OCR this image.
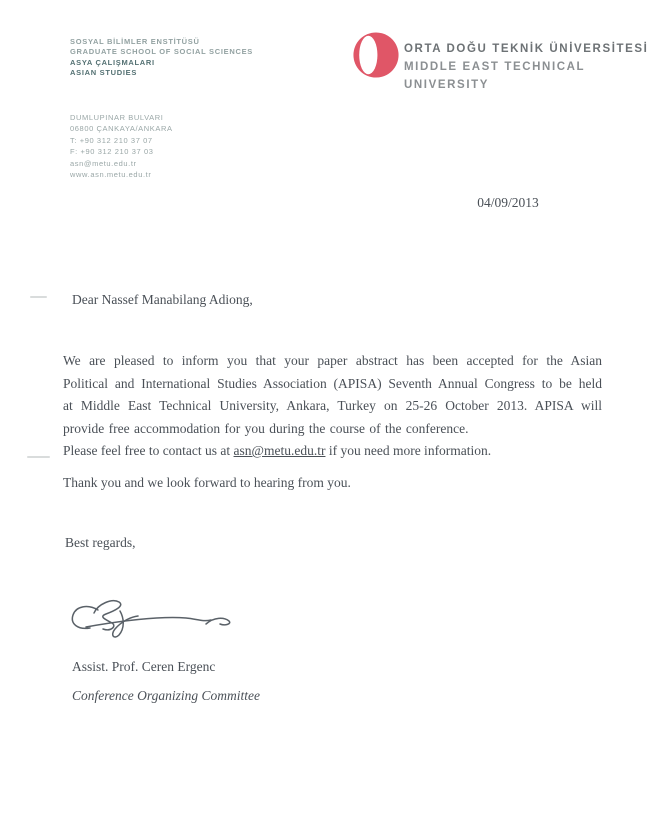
SOSYAL BİLİMLER ENSTİTÜSÜ
GRADUATE SCHOOL OF SOCIAL SCIENCES
ASYA ÇALIŞMALARI
ASIAN STUDIES
ORTA DOĞU TEKNİK ÜNİVERSİTESİ
MIDDLE EAST TECHNICAL UNIVERSITY
DUMLUPINAR BULVARI
06800 ÇANKAYA/ANKARA
T: +90 312 210 37 07
F: +90 312 210 37 03
asn@metu.edu.tr
www.asn.metu.edu.tr
04/09/2013
Dear Nassef Manabilang Adiong,
We are pleased to inform you that your paper abstract has been accepted for the Asian
Political and International Studies Association (APISA) Seventh Annual Congress to be held
at Middle East Technical University, Ankara, Turkey on 25-26 October 2013. APISA will
provide free accommodation for you during the course of the conference.
Please feel free to contact us at asn@metu.edu.tr if you need more information.
Thank you and we look forward to hearing from you.
Best regards,
Assist. Prof. Ceren Ergenc
Conference Organizing Committee
